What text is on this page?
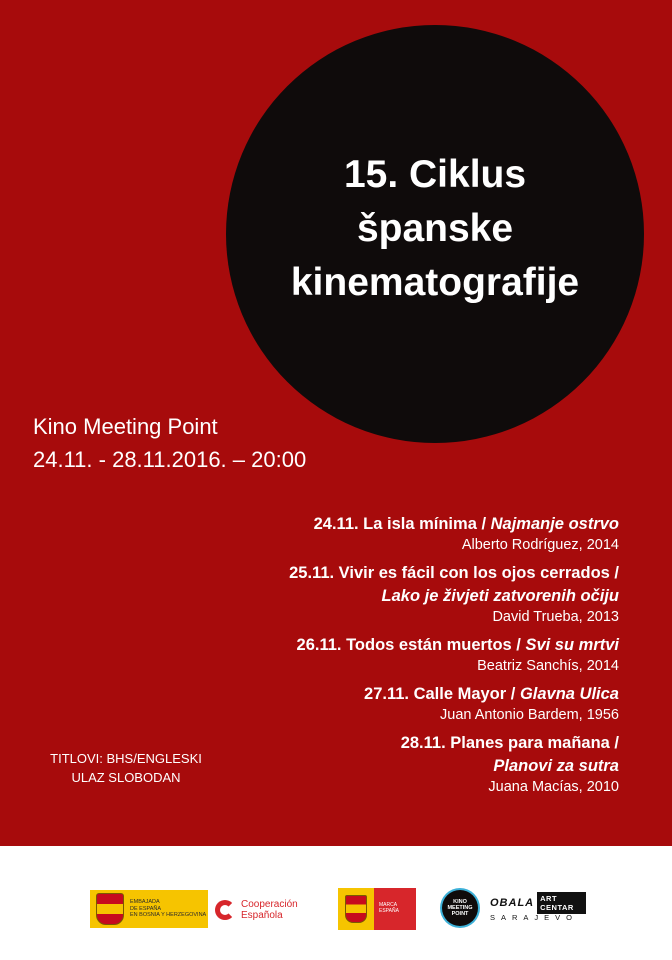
15. Ciklus
španske
kinematografije
Kino Meeting Point
24.11. - 28.11.2016. – 20:00
24.11. La isla mínima / Najmanje ostrvo
Alberto Rodríguez, 2014
25.11. Vivir es fácil con los ojos cerrados /
Lako je živjeti zatvorenih očiju
David Trueba, 2013
26.11. Todos están muertos / Svi su mrtvi
Beatriz Sanchís, 2014
27.11. Calle Mayor / Glavna Ulica
Juan Antonio Bardem, 1956
28.11. Planes para mañana /
Planovi za sutra
Juana Macías, 2010
TITLOVI: BHS/ENGLESKI
ULAZ SLOBODAN
EMBAJADA
DE ESPAÑA
EN BOSNIA Y HERZEGOVINA
Cooperación
Española
MARCA
ESPAÑA
KINO
MEETING
POINT
OBALA ART CENTAR
SARAJEVO
